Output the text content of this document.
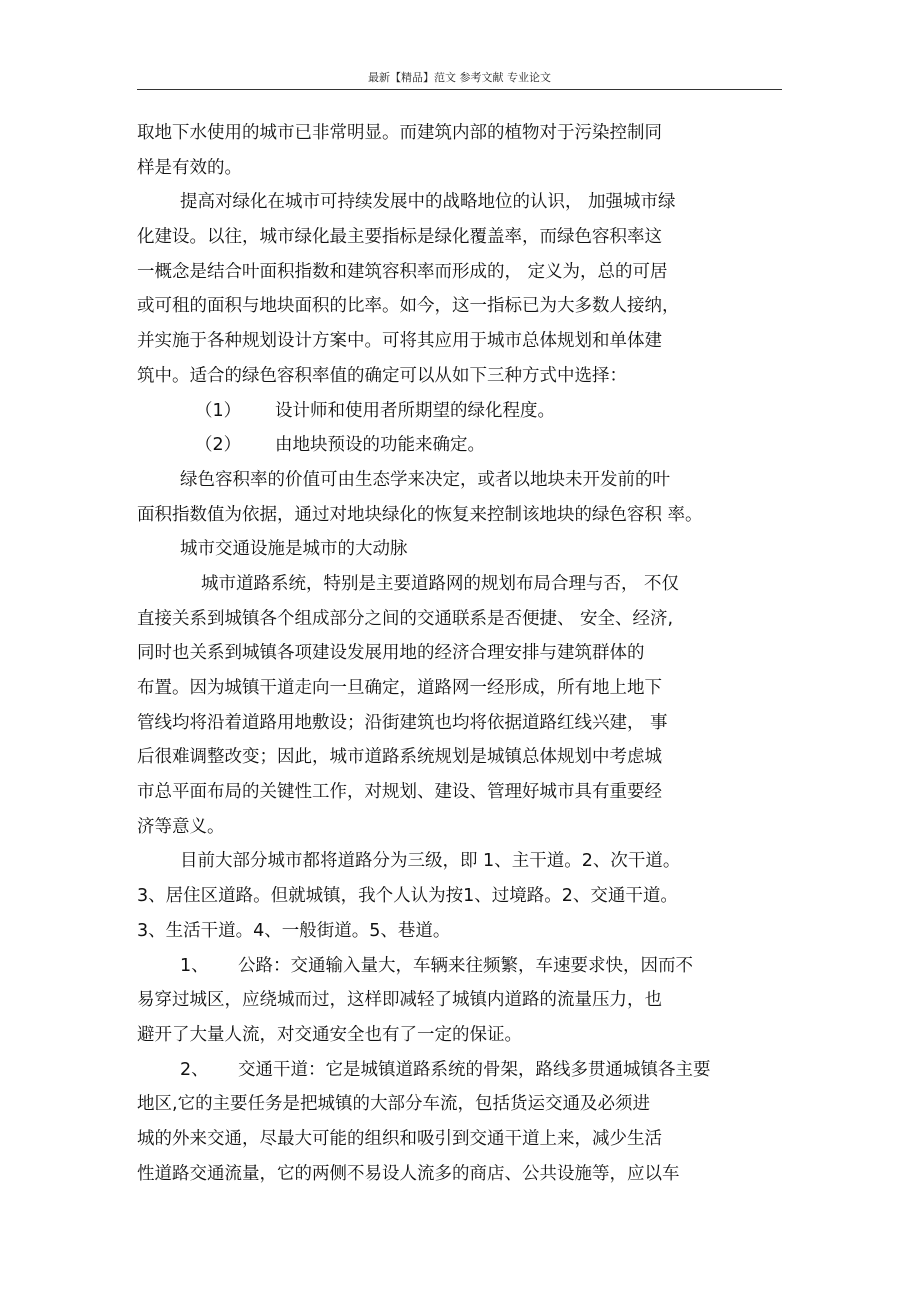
最新【精品】范文 参考文献 专业论文
取地下水使用的城市已非常明显。而建筑内部的植物对于污染控制同
样是有效的。
提高对绿化在城市可持续发展中的战略地位的认识， 加强城市绿
化建设。以往，城市绿化最主要指标是绿化覆盖率，而绿色容积率这
一概念是结合叶面积指数和建筑容积率而形成的， 定义为，总的可居
或可租的面积与地块面积的比率。如今，这一指标已为大多数人接纳，
并实施于各种规划设计方案中。可将其应用于城市总体规划和单体建
筑中。适合的绿色容积率值的确定可以从如下三种方式中选择：
（1） 设计师和使用者所期望的绿化程度。
（2） 由地块预设的功能来确定。
绿色容积率的价值可由生态学来决定，或者以地块未开发前的叶
面积指数值为依据，通过对地块绿化的恢复来控制该地块的绿色容积 率。
城市交通设施是城市的大动脉
城市道路系统，特别是主要道路网的规划布局合理与否， 不仅
直接关系到城镇各个组成部分之间的交通联系是否便捷、 安全、经济,
同时也关系到城镇各项建设发展用地的经济合理安排与建筑群体的
布置。因为城镇干道走向一旦确定，道路网一经形成，所有地上地下
管线均将沿着道路用地敷设；沿街建筑也均将依据道路红线兴建， 事
后很难调整改变；因此，城市道路系统规划是城镇总体规划中考虑城
市总平面布局的关键性工作，对规划、建设、管理好城市具有重要经
济等意义。
目前大部分城市都将道路分为三级，即 1、主干道。2、次干道。
3、居住区道路。但就城镇，我个人认为按1、过境路。2、交通干道。
3、生活干道。4、一般街道。5、巷道。
1、 公路：交通输入量大，车辆来往频繁，车速要求快，因而不
易穿过城区，应绕城而过，这样即减轻了城镇内道路的流量压力，也
避开了大量人流，对交通安全也有了一定的保证。
2、 交通干道：它是城镇道路系统的骨架，路线多贯通城镇各主要
地区,它的主要任务是把城镇的大部分车流，包括货运交通及必须进
城的外来交通，尽最大可能的组织和吸引到交通干道上来，减少生活
性道路交通流量，它的两侧不易设人流多的商店、公共设施等，应以车
